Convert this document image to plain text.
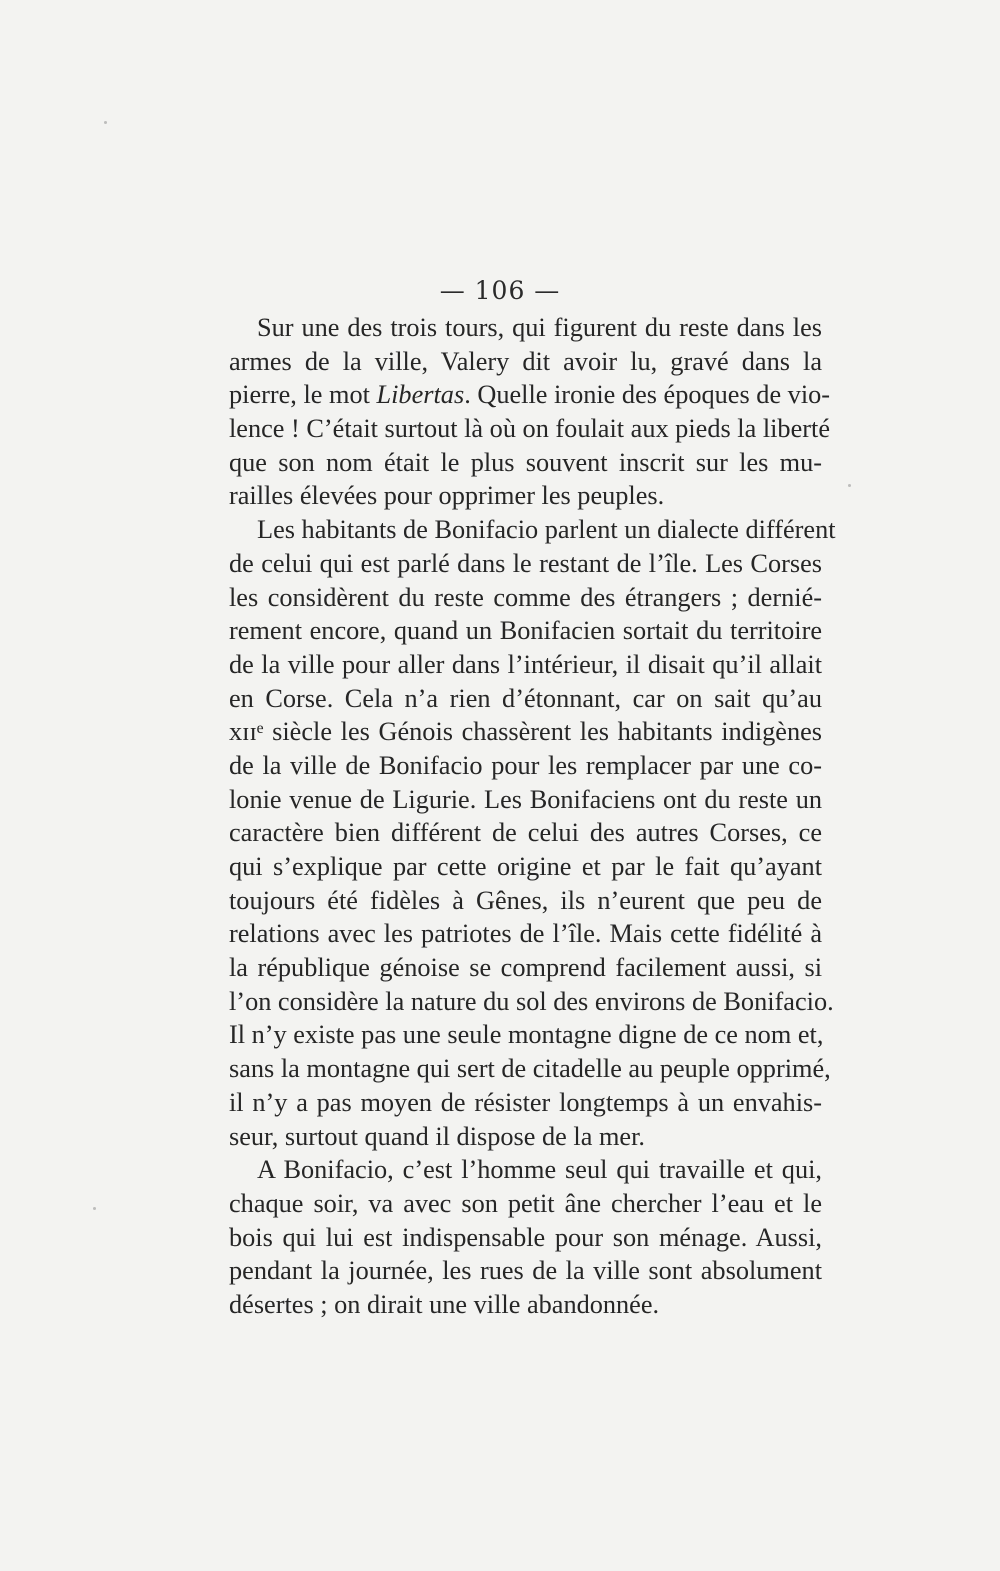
— 106 —
Sur une des trois tours, qui figurent du reste dans les
armes de la ville, Valery dit avoir lu, gravé dans la
pierre, le mot Libertas. Quelle ironie des époques de vio-
lence ! C’était surtout là où on foulait aux pieds la liberté
que son nom était le plus souvent inscrit sur les mu-
railles élevées pour opprimer les peuples.
Les habitants de Bonifacio parlent un dialecte différent
de celui qui est parlé dans le restant de l’île. Les Corses
les considèrent du reste comme des étrangers ; dernié-
rement encore, quand un Bonifacien sortait du territoire
de la ville pour aller dans l’intérieur, il disait qu’il allait
en Corse. Cela n’a rien d’étonnant, car on sait qu’au
xɪɪᵉ siècle les Génois chassèrent les habitants indigènes
de la ville de Bonifacio pour les remplacer par une co-
lonie venue de Ligurie. Les Bonifaciens ont du reste un
caractère bien différent de celui des autres Corses, ce
qui s’explique par cette origine et par le fait qu’ayant
toujours été fidèles à Gênes, ils n’eurent que peu de
relations avec les patriotes de l’île. Mais cette fidélité à
la république génoise se comprend facilement aussi, si
l’on considère la nature du sol des environs de Bonifacio.
Il n’y existe pas une seule montagne digne de ce nom et,
sans la montagne qui sert de citadelle au peuple opprimé,
il n’y a pas moyen de résister longtemps à un envahis-
seur, surtout quand il dispose de la mer.
A Bonifacio, c’est l’homme seul qui travaille et qui,
chaque soir, va avec son petit âne chercher l’eau et le
bois qui lui est indispensable pour son ménage. Aussi,
pendant la journée, les rues de la ville sont absolument
désertes ; on dirait une ville abandonnée.
